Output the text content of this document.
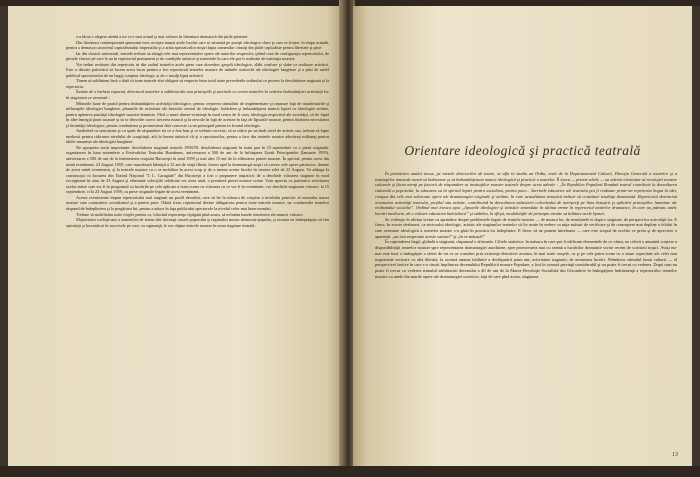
s-a făcut o alegere atentă a tot ce e mai actual şi mai valoros în literatura dramatică din ţările prietene.

Din literatura contemporană apuseană vom accepta numai acele lucrări care se situează pe poziţii ideologice clare şi care se slujesc în etapa actuală, pentru a demasca caracterul capitalismului imperialist şi a arăta spectatorilor noştri lupta oamenilor cinstiţi din ţările capitaliste pentru libertate şi pace.

Iar din clasicii universali, teatrele trebuie să aleagă cele mai reprezentative opere ale autorilor respectivi, ţinînd cont de configuraţia repertoriului, de piesele clasice pe care le au în repertorial permanent şi de condiţiile artistice şi materiale în care ele pot fi realizate de instituţia noastră.

Vor trebui revăzute din repertoriu tri din cadrul teatrelor acele piese care dovedesc greşeli ideologice, slăbi confuze şi slabe ca realizare artistică. Este o datorie patriotică să facem acest lucru pentru a feri repertoriul teatrelor noastre de mâinile străvechi ale ideologiei burgheze şi a păzi de astfel publicul spectatorului de un bagaj conţinut ideologic şi de o insulţi lipsă artistică.

Tinem să subliniem încă o dată că toate teatrele sînt obligate să respecte întru total toate prevederile ordinului ce privesc la deschiderea stagiunii şi la repertoriu.

Înainte de a încheia raportul, directorul teatrelor a subliniat din nou principiile şi sarcinile ce cerem teatrelor în vederea îmbunătăţirii activităţii lor în stagiunea ce urmează :

Măsurile luate de partid pentru îmbunătăţirea activităţii ideologice, pentru creşterea stimulării de implementare şi reparare faţă de manifestările şi influenţele ideologiei burgheze, planurile de activitate ale biroului central de ideologie, hotărârea şi îmbunătăţirea muncii luptei cu ideologiei străine, pentru apărarea purităţii ideologiei marxist-leniniste. Făcă o mare dinere-existenţă în mod serios de fi cum, ideologia respectivă ale societăţii, să fie luptă în idee întregul ţintei noastre şi să se dezvolte corect trecerea muncii şi la nevoile în faţă de acestea în faţa de lipsurile noastre, pentru întărirea necesitatea şi fermităţii ideologice, pentru combaterea şi promovarea fără concesie ca un principiul pentru în frontul ideologic.

Analizînd cu seriozitate şi cu spirit de răspundere tot ce a fost bun şi ce trebuie corectat, să se ridice pe un înalt nivel de artistic sau, trebuie să lupte neobosit pentru ridicarea nivelului de conştiinţă, atît în lumea artistică cît şi a spectatorilor, pentru a face din teatrele noastre adevăraţi militanţi pentru ideile umaniste ale ideologiei burgheze.

Ne apropiem sortit importante: deschiderea stagiunii teatrale 1958/59, deschiderea stagiunii în toată ţara în 15 septembrie cu o piesă originală, organizarea în luna noiembrie a Festivalului Teatrului Românesc, aniversarea a 500 de ani de la înfiinţarea Unirii Principatelor (Ianuarie 1959), aniversarea a 500 de ani de la întemeierea oraşului Bucureşti în anul 1959 şi mai ales 15 ani de la eliberarea patriei noastre. În special, pentru acest din urmă eveniment, 23 August 1959, care marchează bilanţul a 15 ani de viaţă liberă, facem apel la dramaturgii noştri să creeze cele opere patriotice, demne de acest mărit eveniment, şi la teatrele noastre ca o se mobiliza în acest scop şi de a monta aceste lucrări în cinstea zilei de 23 August. Va adăuga la construcţia cu lucrarea din Teatrul Naţional ”I. L. Caragiale” din Bucureşti a fost o propunere iniţiativă: de a deschide viitoarea stagiune în mod excepţional în ziua de 23 August şi eliminate colecţiile celebrate vor avea anul, o premieră piesei noastre scene. Vom aprecia cu patriotică activitatea acelor teatre care vor fi în programul cu lucrările pe cele aplicate a vizut scena cu viitoarea cu ce vor fi în eveniment, vor deschide stagiunea viitoare, la 15 septembrie, ci la 23 August 1959, cu piese originale legate de acest eveniment.

Aceste evenimente impun repertoriului noii stagiuni un profil deosebit, care să fie în măsura de creştere a nivelului patriotic al omenilor masei noastre care construiesc socialismul şi a pentru pace. Odată fixat, repertoriul devine obligatoriu pentru toate teatrele noastre, iar conducerile teatrelor răspund de îndeplinirea şi la pregătirea lui, pentru a aduce în faţa publicului spectacole la nivelul celor mai bune montări.

Trebuie să mobilizăm toate forţele pentru ca, folosind experienţa cîştigată pînă acum, să avîntăm bazele temeinice ale muncii viitoare.

Majoritatea covîrşitoare a oamenilor de teatru sînt devotaţi cauzei poporului şi regimului nostru democrat-popular, şi aceasta ne îndreptăţeşte să fim optimişti şi încrezători în succesele pe care, cu siguranţă, le vor obţine teatrele noastre în noua stagiune teatrală.

Orientare ideologică şi practică teatrală

În primăvara anului trecut, pe mesele directorilor de teatre, se afla în studiu un Ordin, venit de la Departamentul Culturii, Direcţia Generală a teatrelor şi a instituţiilor muzicale menit să îndrumeze şi să îmbunătăţească munca ideologică şi practică a teatrelor. Îl inova — printre altele — un adevăr elementar al revoluţiei noastre culturale şi făcea atenţi pe factorii de răspundere ai instituţiilor noastre teatrale despre acest adevăr : „În Republica Populară Română teatrul contribuie la dezvoltarea culturală a poporului, la educarea sa în spiritul luptei pentru socialism, pentru pace... Sarcinile educative ale teatrului pot fi realizate printr-un repertoriu bogat în idei, compus din cele mai valoroase opere ale dramaturgiei originale şi străine, în care actualitatea tematică trebuie să constituie tendinţa dominantă. Repertoriul determină orientarea activităţii teatrului, profilul său artistic, contribuind la dezvoltarea măiestriei colectivului de interpreţi pe linia însuşirii şi aplicării principiilor înaintate ale realismului socialist”. Ordinul mai invoca apoi „lipsurile ideologice şi artistice semnalate în ultima vreme în repertoriul teatrelor dramatice, în care au pătruns unele lucrări mediocre, de o valoare educativă îndoielnică” şi stabilea, în sfîrşit, modalităţile de principiu menite să înlăture acele lipsuri.

Se vorbeşte în ultima vreme cu aprindere despre problemele legate de teatrele noastre — de munca lor, de rezultatele ei după o stagiune, de perspectiva activităţii lor. E firesc, în aceste dezbateri, ca sectorului ideologic, artistic ale stagiunilor teatrelor să fie avute în vedere ca niţte măsuri de verificare şi de cunoaştere mai depline a felului în care orientare ideologică a scenelor noastre s-a găsit în practica lor îndeplinire. E firesc să ne punem întrebarea — care este scopul de ocolire ce preia şi de apreciere o aparenţă: „un fost respectate aceste sarcini?” şi „în ce măsură?”

În cuprinderea largă, globală a stagiunii, răspunsul e afirmativ. Cifrele statistice, în măsura în care pot fi edificate elementele de ce văzut, ne relevă o anumită creştere a disponibilităţii teatrelor noastre spre reprezentarea dramaturgiei autohtone, spre promovarea mai cu seamă a lucrărilor dramatice scrise recent de scriitorii noştri. Avuţi nu-mai este încă o îmbogăţire a sferei de tot ce ar constitui prin existenţa directivei aceasta, în mai toate oraşele, ca şi pe cele patru scene cu o mare capacitate ale celei mai importante sectoare cu altă diferită, la această anume întâlnire a desfăşurării patru ani; activitatea stagiunii, de asemenea lucrări. Neîndoios stimulul lumii culturii — al perspectivei festive în care s-a cinstit împlinirea decenalului Republicii noastre Populare, a fost în această privinţă considerabil şi nu poate fi trecut cu vederea. După cum nu poate fi trecut cu vederea stimulul sărbătoririi decenului a 40 de ani de la Marea Revoluţie Socialistă din Octombrie în îmbogăţirea îndrăzneaţă a repertoriilor teatrelor noastre cu unele din marile opere ale dramaturgiei sovietice, faţă de care pînă acum, stagiunea

13
